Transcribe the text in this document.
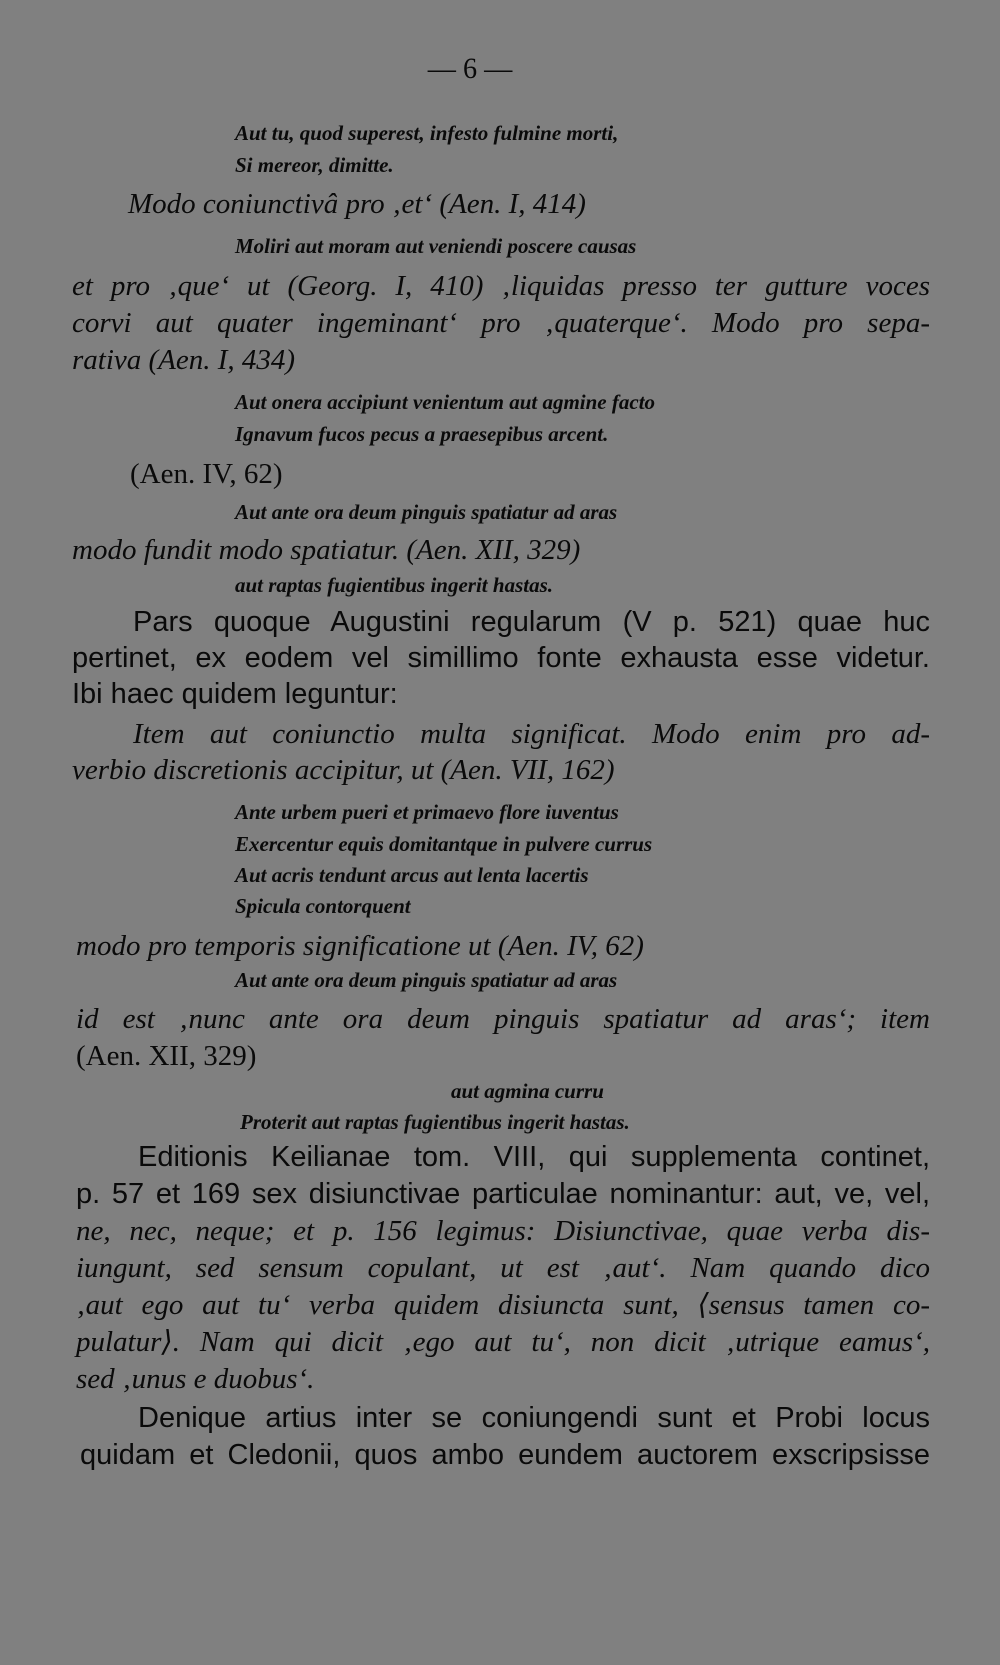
— 6 —
Aut tu, quod superest, infesto fulmine morti,
Si mereor, dimitte.
Modo coniunctivâ pro ‚et‘ (Aen. I, 414)
Moliri aut moram aut veniendi poscere causas
et pro ‚que‘ ut (Georg. I, 410) ‚liquidas presso ter gutture voces
corvi aut quater ingeminant‘ pro ‚quaterque‘. Modo pro sepa-
rativa (Aen. I, 434)
Aut onera accipiunt venientum aut agmine facto
Ignavum fucos pecus a praesepibus arcent.
(Aen. IV, 62)
Aut ante ora deum pinguis spatiatur ad aras
modo fundit modo spatiatur. (Aen. XII, 329)
aut raptas fugientibus ingerit hastas.
Pars quoque Augustini regularum (V p. 521) quae huc
pertinet, ex eodem vel simillimo fonte exhausta esse videtur.
Ibi haec quidem leguntur:
Item aut coniunctio multa significat. Modo enim pro ad-
verbio discretionis accipitur, ut (Aen. VII, 162)
Ante urbem pueri et primaevo flore iuventus
Exercentur equis domitantque in pulvere currus
Aut acris tendunt arcus aut lenta lacertis
Spicula contorquent
modo pro temporis significatione ut (Aen. IV, 62)
Aut ante ora deum pinguis spatiatur ad aras
id est ‚nunc ante ora deum pinguis spatiatur ad aras‘; item
(Aen. XII, 329)
aut agmina curru
Proterit aut raptas fugientibus ingerit hastas.
Editionis Keilianae tom. VIII, qui supplementa continet,
p. 57 et 169 sex disiunctivae particulae nominantur: aut, ve, vel,
ne, nec, neque; et p. 156 legimus: Disiunctivae, quae verba dis-
iungunt, sed sensum copulant, ut est ‚aut‘. Nam quando dico
‚aut ego aut tu‘ verba quidem disiuncta sunt, ⟨sensus tamen co-
pulatur⟩. Nam qui dicit ‚ego aut tu‘, non dicit ‚utrique eamus‘,
sed ‚unus e duobus‘.
Denique artius inter se coniungendi sunt et Probi locus
quidam et Cledonii, quos ambo eundem auctorem exscripsisse
